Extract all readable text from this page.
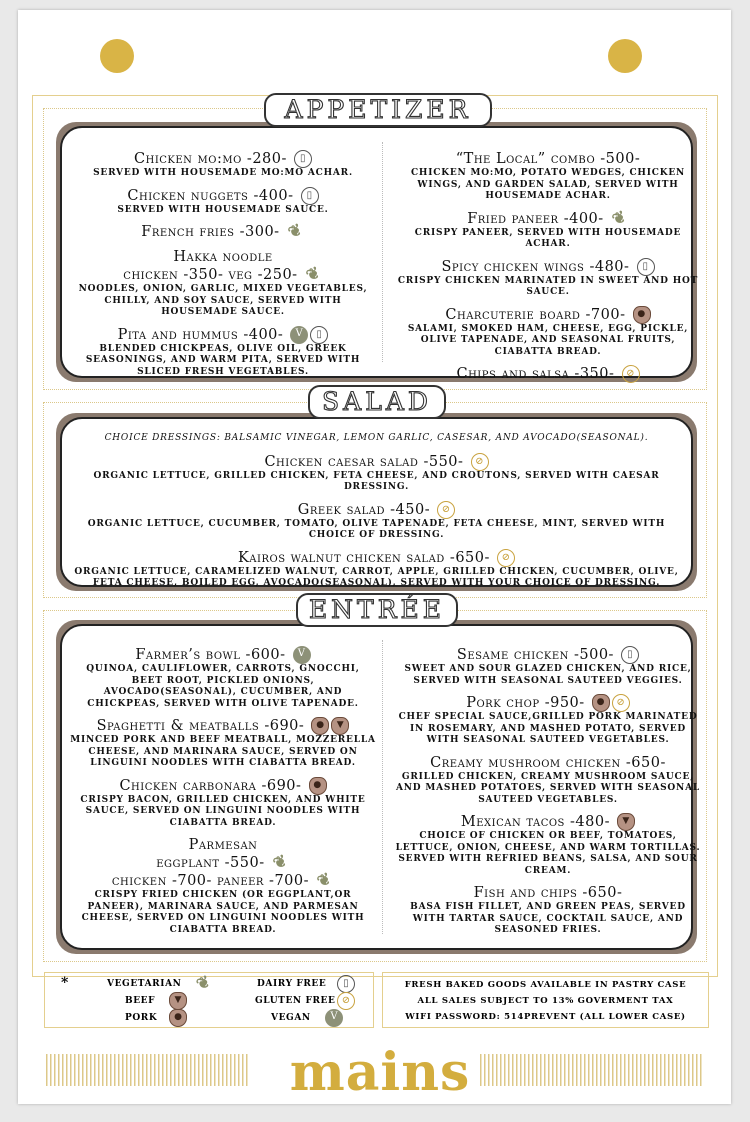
APPETIZER
Chicken mo:mo -280- ▯
SERVED WITH HOUSEMADE MO:MO ACHAR.
Chicken nuggets -400- ▯
SERVED WITH HOUSEMADE SAUCE.
French fries -300- ❦
Hakka noodle
chicken -350- veg -250- ❦
NOODLES, ONION, GARLIC, MIXED VEGETABLES, CHILLY, AND SOY SAUCE, SERVED WITH HOUSEMADE SAUCE.
Pita and hummus -400- V ▯
BLENDED CHICKPEAS, OLIVE OIL, GREEK SEASONINGS, AND WARM PITA, SERVED WITH SLICED FRESH VEGETABLES.
“The Local” combo -500-
CHICKEN MO:MO, POTATO WEDGES, CHICKEN WINGS, AND GARDEN SALAD, SERVED WITH HOUSEMADE ACHAR.
Fried paneer -400- ❦
CRISPY PANEER, SERVED WITH HOUSEMADE ACHAR.
Spicy chicken wings -480- ▯
CRISPY CHICKEN MARINATED IN SWEET AND HOT SAUCE.
Charcuterie board -700- ●
SALAMI, SMOKED HAM, CHEESE, EGG, PICKLE, OLIVE TAPENADE, AND SEASONAL FRUITS, CIABATTA BREAD.
Chips and salsa -350- ⊘
SALAD
CHOICE DRESSINGS: BALSAMIC VINEGAR, LEMON GARLIC, CASESAR, AND AVOCADO(SEASONAL).
Chicken caesar salad -550- ⊘
ORGANIC LETTUCE, GRILLED CHICKEN, FETA CHEESE, AND CROUTONS, SERVED WITH CAESAR DRESSING.
Greek salad -450- ⊘
ORGANIC LETTUCE, CUCUMBER, TOMATO, OLIVE TAPENADE, FETA CHEESE, MINT, SERVED WITH CHOICE OF DRESSING.
Kairos walnut chicken salad -650- ⊘
ORGANIC LETTUCE, CARAMELIZED WALNUT, CARROT, APPLE, GRILLED CHICKEN, CUCUMBER, OLIVE, FETA CHEESE, BOILED EGG, AVOCADO(SEASONAL), SERVED WITH YOUR CHOICE OF DRESSING.
ENTRÉE
Farmer’s bowl -600- V
QUINOA, CAULIFLOWER, CARROTS, GNOCCHI, BEET ROOT, PICKLED ONIONS, AVOCADO(SEASONAL), CUCUMBER, AND CHICKPEAS, SERVED WITH OLIVE TAPENADE.
Spaghetti & meatballs -690- ● ▼
MINCED PORK AND BEEF MEATBALL, MOZZERELLA CHEESE, AND MARINARA SAUCE, SERVED ON LINGUINI NOODLES WITH CIABATTA BREAD.
Chicken carbonara -690- ●
CRISPY BACON, GRILLED CHICKEN, AND WHITE SAUCE, SERVED ON LINGUINI NOODLES WITH CIABATTA BREAD.
Parmesan
eggplant -550- ❦
chicken -700- paneer -700- ❦
CRISPY FRIED CHICKEN (OR EGGPLANT,OR PANEER), MARINARA SAUCE, AND PARMESAN CHEESE, SERVED ON LINGUINI NOODLES WITH CIABATTA BREAD.
Sesame chicken -500- ▯
SWEET AND SOUR GLAZED CHICKEN, AND RICE, SERVED WITH SEASONAL SAUTEED VEGGIES.
Pork chop -950- ● ⊘
CHEF SPECIAL SAUCE,GRILLED PORK MARINATED IN ROSEMARY, AND MASHED POTATO, SERVED WITH SEASONAL SAUTEED VEGETABLES.
Creamy mushroom chicken -650-
GRILLED CHICKEN, CREAMY MUSHROOM SAUCE, AND MASHED POTATOES, SERVED WITH SEASONAL SAUTEED VEGETABLES.
Mexican tacos -480- ▼
CHOICE OF CHICKEN OR BEEF, TOMATOES, LETTUCE, ONION, CHEESE, AND WARM TORTILLAS. SERVED WITH REFRIED BEANS, SALSA, AND SOUR CREAM.
Fish and chips -650-
BASA FISH FILLET, AND GREEN PEAS, SERVED WITH TARTAR SAUCE, COCKTAIL SAUCE, AND SEASONED FRIES.
*	VEGETARIAN ❦
BEEF	▼
PORK	●
DAIRY FREE	▯
GLUTEN FREE ⊘
VEGAN	V
FRESH BAKED GOODS AVAILABLE IN PASTRY CASE
ALL SALES SUBJECT TO 13% GOVERMENT TAX
WIFI PASSWORD: 514PREVENT (ALL LOWER CASE)
mains
